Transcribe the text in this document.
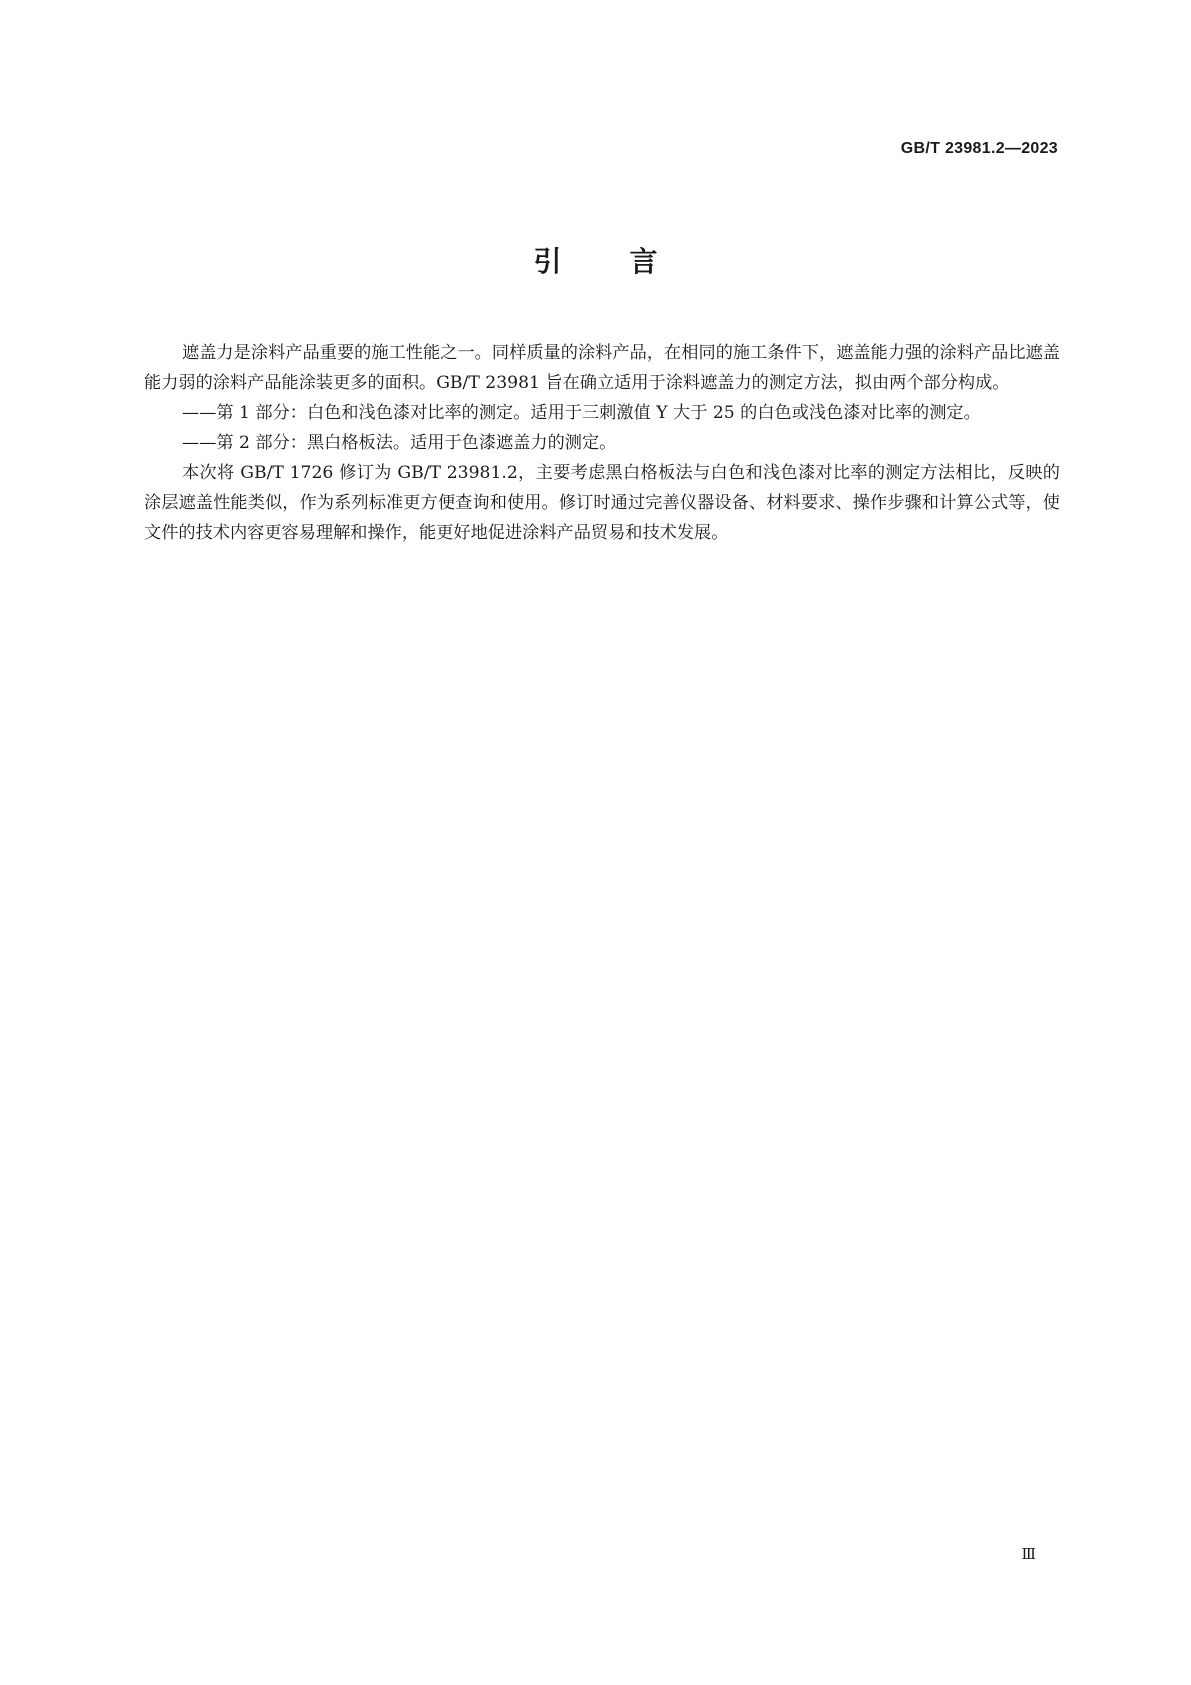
GB/T 23981.2—2023
引言

遮盖力是涂料产品重要的施工性能之一。同样质量的涂料产品，在相同的施工条件下，遮盖能力强的涂料产品比遮盖能力弱的涂料产品能涂装更多的面积。GB/T 23981 旨在确立适用于涂料遮盖力的测定方法，拟由两个部分构成。

——第 1 部分：白色和浅色漆对比率的测定。适用于三刺激值 Y 大于 25 的白色或浅色漆对比率的测定。

——第 2 部分：黑白格板法。适用于色漆遮盖力的测定。

本次将 GB/T 1726 修订为 GB/T 23981.2，主要考虑黑白格板法与白色和浅色漆对比率的测定方法相比，反映的涂层遮盖性能类似，作为系列标准更方便查询和使用。修订时通过完善仪器设备、材料要求、操作步骤和计算公式等，使文件的技术内容更容易理解和操作，能更好地促进涂料产品贸易和技术发展。

Ⅲ
